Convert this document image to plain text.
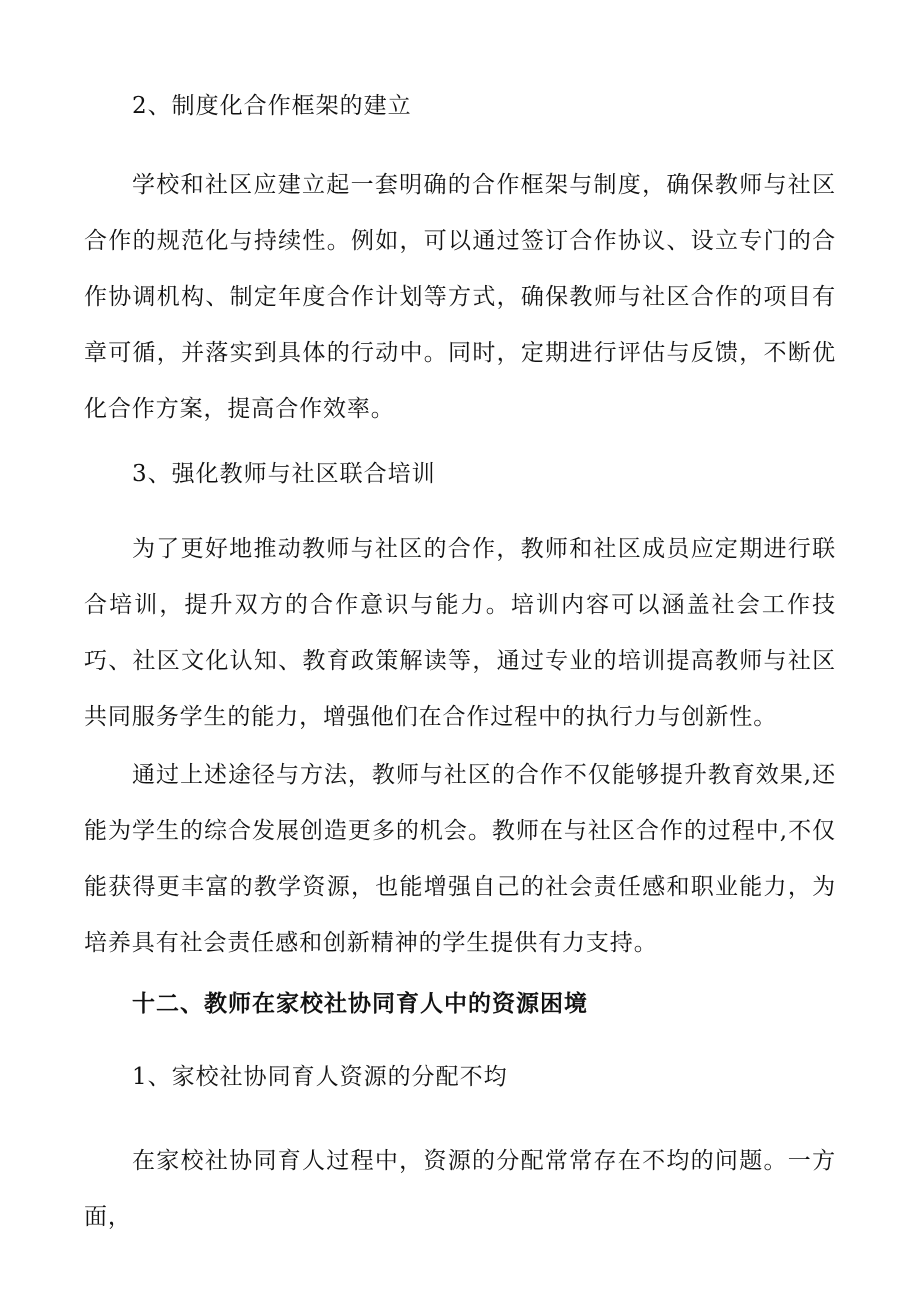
2、制度化合作框架的建立
学校和社区应建立起一套明确的合作框架与制度，确保教师与社区合作的规范化与持续性。例如，可以通过签订合作协议、设立专门的合作协调机构、制定年度合作计划等方式，确保教师与社区合作的项目有章可循，并落实到具体的行动中。同时，定期进行评估与反馈，不断优化合作方案，提高合作效率。
3、强化教师与社区联合培训
为了更好地推动教师与社区的合作，教师和社区成员应定期进行联合培训，提升双方的合作意识与能力。培训内容可以涵盖社会工作技巧、社区文化认知、教育政策解读等，通过专业的培训提高教师与社区共同服务学生的能力，增强他们在合作过程中的执行力与创新性。
通过上述途径与方法，教师与社区的合作不仅能够提升教育效果,还能为学生的综合发展创造更多的机会。教师在与社区合作的过程中,不仅能获得更丰富的教学资源，也能增强自己的社会责任感和职业能力，为培养具有社会责任感和创新精神的学生提供有力支持。
十二、教师在家校社协同育人中的资源困境
1、家校社协同育人资源的分配不均
在家校社协同育人过程中，资源的分配常常存在不均的问题。一方面，
